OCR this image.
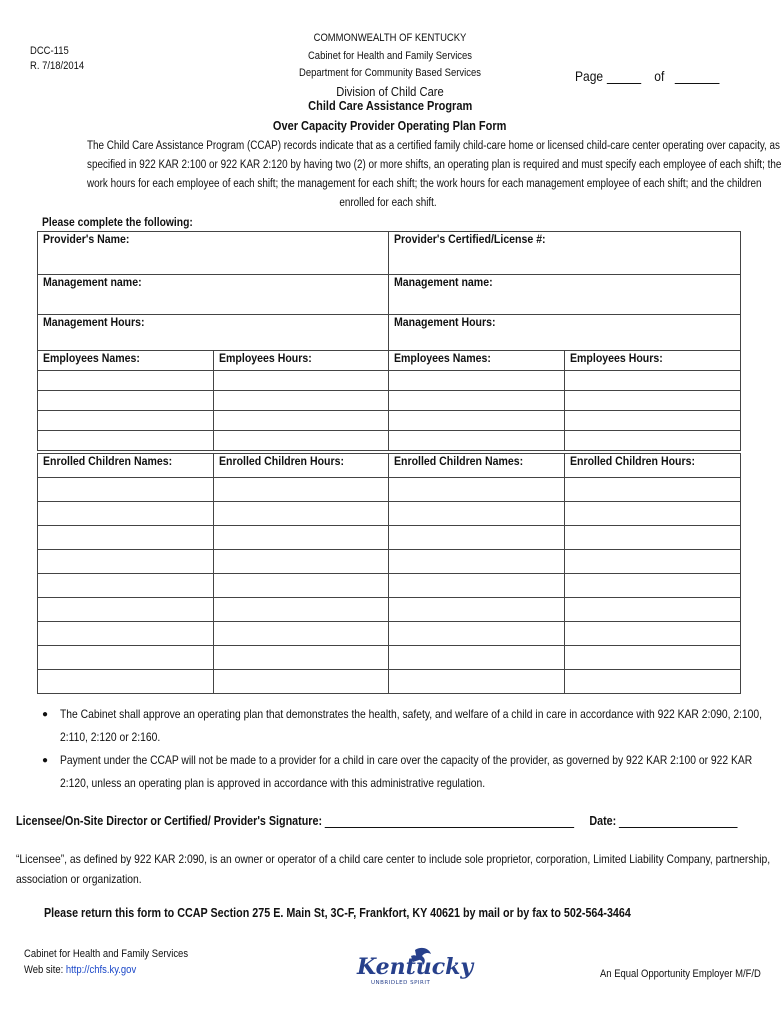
DCC-115
R. 7/18/2014
COMMONWEALTH OF KENTUCKY
Cabinet for Health and Family Services
Department for Community Based Services
Division of Child Care
Page	of
Child Care Assistance Program
Over Capacity Provider Operating Plan Form
The Child Care Assistance Program (CCAP) records indicate that as a certified family child-care home or licensed child-care center operating over capacity, as
specified in 922 KAR 2:100 or 922 KAR 2:120 by having two (2) or more shifts, an operating plan is required and must specify each employee of each shift; the
work hours for each employee of each shift; the management for each shift; the work hours for each management employee of each shift; and the children
enrolled for each shift.
Please complete the following:
Provider's Name:		Provider's Certified/License #:	
Management name:		Management name:	
Management Hours:		Management Hours:	
Employees Names:	Employees Hours:	Employees Names:	Employees Hours:

Enrolled Children Names:	Enrolled Children Hours:	Enrolled Children Names:	Enrolled Children Hours:

● The Cabinet shall approve an operating plan that demonstrates the health, safety, and welfare of a child in care in accordance with 922 KAR 2:090, 2:100,
2:110, 2:120 or 2:160.
● Payment under the CCAP will not be made to a provider for a child in care over the capacity of the provider, as governed by 922 KAR 2:100 or 922 KAR
2:120, unless an operating plan is approved in accordance with this administrative regulation.
Licensee/On-Site Director or Certified/ Provider's Signature:	Date:
“Licensee”, as defined by 922 KAR 2:090, is an owner or operator of a child care center to include sole proprietor, corporation, Limited Liability Company, partnership,
association or organization.
Please return this form to CCAP Section 275 E. Main St, 3C-F, Frankfort, KY 40621 by mail or by fax to 502-564-3464
Cabinet for Health and Family Services
Web site: http://chfs.ky.gov	Kentucky
UNBRIDLED SPIRIT
An Equal Opportunity Employer M/F/D
